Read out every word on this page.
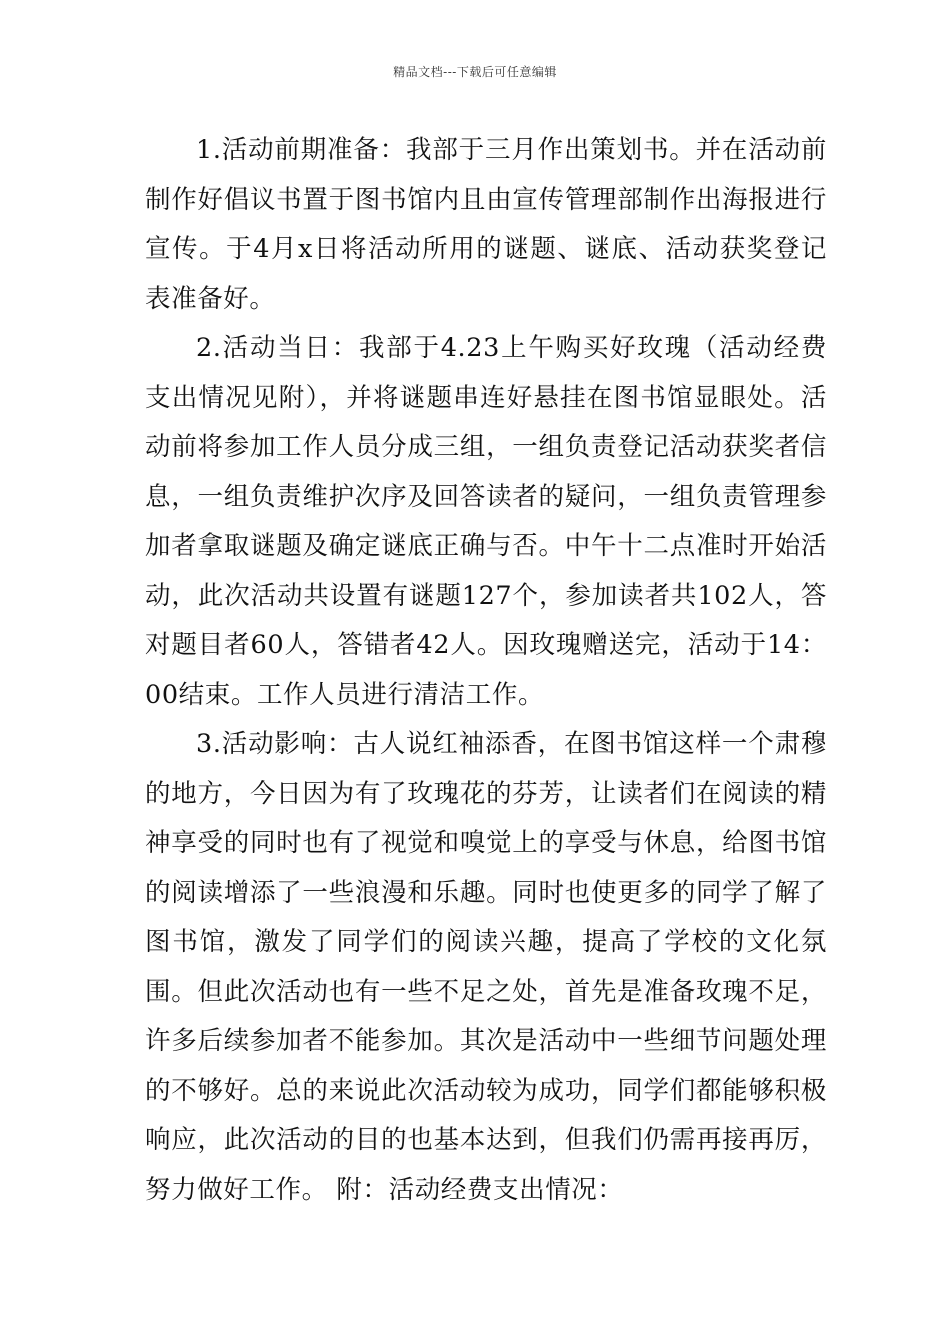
精品文档---下载后可任意编辑

1.活动前期准备：我部于三月作出策划书。并在活动前制作好倡议书置于图书馆内且由宣传管理部制作出海报进行宣传。于4月x日将活动所用的谜题、谜底、活动获奖登记表准备好。

2.活动当日：我部于4.23上午购买好玫瑰（活动经费支出情况见附），并将谜题串连好悬挂在图书馆显眼处。活动前将参加工作人员分成三组，一组负责登记活动获奖者信息，一组负责维护次序及回答读者的疑问，一组负责管理参加者拿取谜题及确定谜底正确与否。中午十二点准时开始活动，此次活动共设置有谜题127个，参加读者共102人，答对题目者60人，答错者42人。因玫瑰赠送完，活动于14：00结束。工作人员进行清洁工作。

3.活动影响：古人说红袖添香，在图书馆这样一个肃穆的地方，今日因为有了玫瑰花的芬芳，让读者们在阅读的精神享受的同时也有了视觉和嗅觉上的享受与休息，给图书馆的阅读增添了一些浪漫和乐趣。同时也使更多的同学了解了图书馆，激发了同学们的阅读兴趣，提高了学校的文化氛围。但此次活动也有一些不足之处，首先是准备玫瑰不足，许多后续参加者不能参加。其次是活动中一些细节问题处理的不够好。总的来说此次活动较为成功，同学们都能够积极响应，此次活动的目的也基本达到，但我们仍需再接再厉，努力做好工作。 附：活动经费支出情况：
